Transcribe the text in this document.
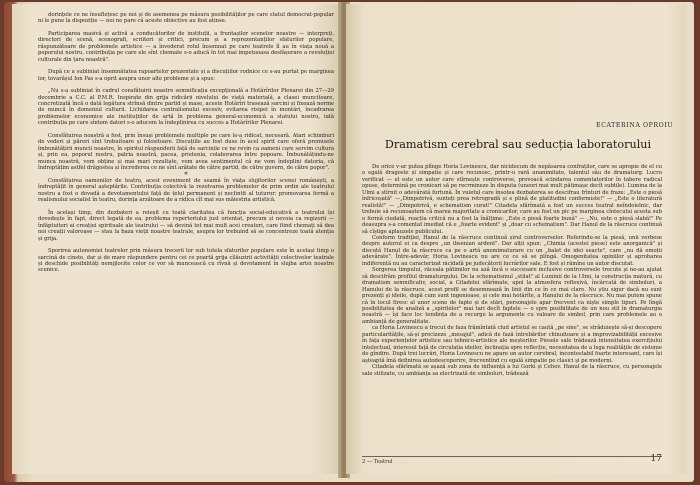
dorințele ce ne însuflețesc pe noi și de asemenea pe măsura posibilităților pe care statul democrat-popular ni le pune la dispoziție — noi ne pare că aceste obiective au fost atinse.

Participarea masivă și activă a conducătorilor de instituții, a fruntașilor scenelor noastre — interpreți, directori de scenă, scenografi, scriitori și critici, precum și a reprezentanților sfaturilor populare, răspunzătoare de problemele artistice — a învederat rolul însemnat pe care teatrele îl au în viața nouă a poporului nostru, contribuția pe care ele sînt chemate s-o aducă în tot mai impetuoasa desfășurare a revoluției culturale din țara noastră".

După ce a subliniat însemnătatea rapoartelor prezentate și a discuțiilor rodnice ce s-au purtat pe marginea lor, tovarășul Ion Pas s-a oprit asupra unor alte probleme și a spus:

„Nu s-a subliniat în cadrul consfătuirii noastre semnificația excepțională a Hotărîrilor Plenarei din 27—29 decembrie a C.C. al P.M.R. Inspirate din grija ridicării nivelului de viață materială, a clasei muncitoare, concretizată încă o dată legătura strînsă dintre partid și mase, aceste Hotărîri trasează sarcini și fixează norme de muncă în domeniul culturii. Lichidarea centralismului excesiv, evitarea risipei în montări, încadrarea problemelor economice ale instituțiilor de artă în problema general-economică a statului nostru, iată contribuția pe care sîntem datori s-o aducem la îndeplinirea cu succes a Hotărîrilor Plenarei.

Consfătuirea noastră a fost, prin însuși problemele multiple pe care le-a ridicat, necesară. Atari schimburi de vederi și păreri sînt trebuitoare și folositoare. Discuțiile au fost duse în acel spirit care oferă premisele îmbunătățirii muncii noastre, în spiritul răspunderii față de sarcinile ce ne revin ca oameni care servim cultura și, prin ea, poporul nostru, patria noastră, pacea, prietenia, colaborarea între popoare. Îmbunătățindu-ne munca noastră, vom obține și mai mari rezultate, vom avea sentimentul că ne vom îndeplini datoria, că îndreptățim astfel drăgostea și încrederea ce ne sînt arătate de către partid, de către guvern, de către popor".

*

Consfătuirea oamenilor de teatru, acest eveniment de seamă în viața slujitorilor scenei românești, a îndreptățit în general așteptările. Contribuția colectivă la rezolvarea problemelor de prim ordin ale teatrului nostru a fost o dovadă a devotamentului față de țelul permanent și neclintit al tuturor: promovarea fermă a realismului socialist în teatru, dorința arzătoare de a ridica cît mai sus măiestria artistică.

În același timp, din dezbateri a reieșit cu toată claritatea că funcția social-educativă a teatrului își dovedește în fapt, direct legată de ea, problema repertoriului just orientat, precum și nevoia ca regizorii — înfăptuitori ai creației spirituale ale teatrului — să devină tot mai mult acei creatori, care fiind chemați să dea noi creații valoroase — stau la baza vieții noastre teatrale, asupra lor trebuind să se concentreze toată atenția și grija.

Sporirea autonomiei teatrelor prin măsura trecerii lor sub tutela sfaturilor populare este în același timp o sarcină de cinste, dar și de mare răspundere pentru cei ce poartă grija cîlăuzirii activității colectivelor teatrale și deschide posibilități nemijlocite celor ce vor să muncească cu rîvnă și devotament în slujba artei noastre scenice.

ECATERINA OPROIU
Dramatism cerebral sau seducția laboratorului

De orice v-ar putea plînge Horia Lovinescu, dar nicidecum de nepăsarea confraților, care se apropie de el cu o egală dragoste și simpatie și care recunosc, printr-o rară unanimitate, talentul său de dramaturg. Lucru verificat — el este un autor care stîrnește controverse, provoacă scindarea comentatorilor în tabere radical opuse, determină pe cronicari să pe recrmineze în disputa (uneori mai mult pătimașe decît subtile). Lumina de la Ulmi a stîrnit o adevărată furtună. În vuietul care însoțea dezbaterea se descifrau frînturi de fraze: „Este o piesă înfricoșată" —„Dimpotrivă, sunteți prea retrogradă și e plină de platitudini conformiste!" — „Este o literatură realistă!" — „Dimpotrivă, e schematism curat!" Citadela sfărîmată a fost un succes teatral neîndoielnic, dar trebuie să recunoaștem că marea majoritate a cronicarilor, care au fost un pic pe marginea cîntecului acesta sub o formă ciudată, reacția critică nu a fost la înălțime: „Este o piesă foarte bună" — „Nu, este o piesă slabă!" Pe deasupra s-a comentat imediat că e „foarte evident" și „doar cu schematism". Dar Hanul de la răscruce continuă să cîștige aplauzele publicului.

Conform tradiției, Hanul de la răscruce continuă șirul controverselor. Referindu-se la piesă, unii verbese despre autorul ei ca despre „un ibsenian ardent". Dar alții spun: „Chimia (acestei piese) este anorganică" și discută Hanul de la răscruce ca pe o artă anemimaturare cu un „balet de idei seacte", care „nu dă emoții adevărate". Între-adevăr, Horia Lovinescu nu are ce ce să se plîngă. Omogenitatea opiniilor și aprobarea indiferentă nu au caracterizat nicidată pe judecătorii lucrărilor sale. E fost și rămîne un autor discutat.

Sorgerea timpului, răceala pătimilor nu ază încă o succesare inclusive controversele trecute și ne-au ajutat să descifrăm profilul dramaturgului. De la schematismul „stilat" al Luminii de la Ulmi, la construcția matură, cu dramatism semnificativ, social, a Citadelei sfărîmate, apoi la atmosfera reflexivă, încărcată de simboluri, a Hanului de la răscruce, acest profil se desemnează în linii din ce în ce mai clare. Nu știu sigur dacă nu sunt prezenți și ideile, după cum sunt ingenioase, și cele mai hotărîte, a Hanului de la răscruce. Nu mai putem spune că în locul firesc al unor scene de fapte și de stări, personajele apar frecvent ca niște simple tipuri. Pe lîngă posibilitatea de analiză a „spiritelor" mai tari decît faptele — o spre posibilitate de un nou stil în dramaturgia noastră — își face loc tendința de a recurge la argumente cu valoare de simbol, prin care problemele au o ambianță de generalitate.

ca Horia Lovinescu a trecut de faza frămîntată clud artistul se caută „pe sine", se străduiește să-și descopere particularitățile, să-și precizeze „mesajul", adică de fază întrebărilor chinuitoare și a improvizabilității excesive în fața experiențelor artistice sau tehnico-artistice ale meșterilor. Piesele sale trădează intensitatea exercițiului intelectual, interesul față de circulația ideilor, înclinația spre reflecție, necesitatea de a lega realitățile de sisteme de gîndire. După trei lucrări, Horia Lovinescu ne apare un autor cerebral, incontestabil foarte interesant, care își așteaptă îmă definirea autodescoperire, frecventînd cu egală simpatie pe clasici și pe moderni.

Citadela sfărîmată se așază sub zona de influență a lui Gorki și Cehov. Hanul de la răscruce, cu personajele sale stilizate, cu ambianța sa electrizată de simboluri, trădează

2 — Teatrul	17
